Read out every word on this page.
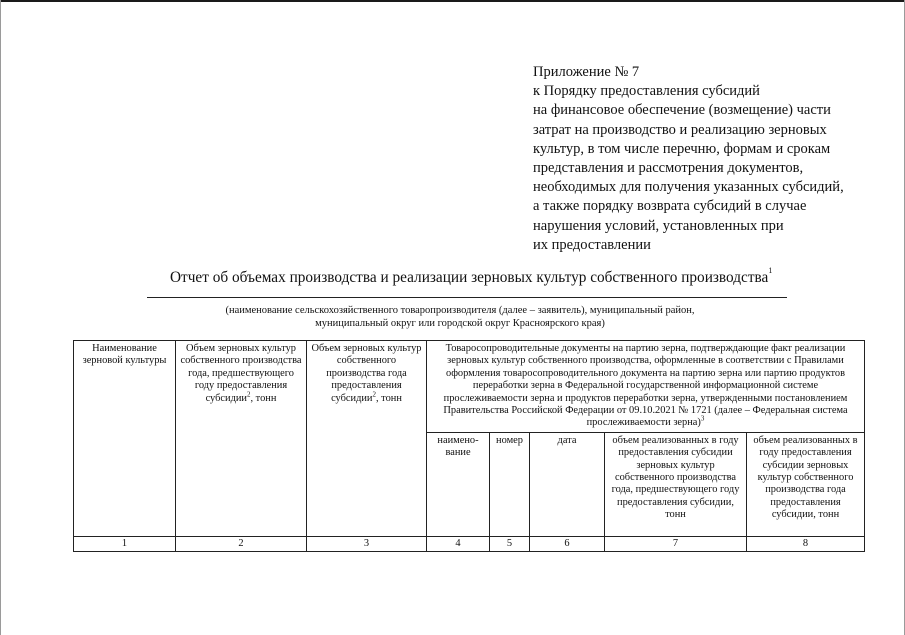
Приложение № 7
к Порядку предоставления субсидий
на финансовое обеспечение (возмещение) части
затрат на производство и реализацию зерновых
культур, в том числе перечню, формам и срокам
представления и рассмотрения документов,
необходимых для получения указанных субсидий,
а также порядку возврата субсидий в случае
нарушения условий, установленных при
их предоставлении
Отчет об объемах производства и реализации зерновых культур собственного производства$^1$
(наименование сельскохозяйственного товаропроизводителя (далее – заявитель), муниципальный район,
муниципальный округ или городской округ Красноярского края)
Наименование зерновой культуры	Объем зерновых культур собственного производства года, предшествующего году предоставления субсидии$^2$, тонн	Объем зерновых культур собственного производства года предоставления субсидии$^2$, тонн	Товаросопроводительные документы на партию зерна, подтверждающие факт реализации зерновых культур собственного производства, оформленные в соответствии с Правилами оформления товаросопроводительного документа на партию зерна или партию продуктов переработки зерна в Федеральной государственной информационной системе прослеживаемости зерна и продуктов переработки зерна, утвержденными постановлением Правительства Российской Федерации от 09.10.2021 № 1721 (далее – Федеральная система прослеживаемости зерна)$^3$
			наимено-вание	номер	дата	объем реализованных в году предоставления субсидии зерновых культур собственного производства года, предшествующего году предоставления субсидии, тонн	объем реализованных в году предоставления субсидии зерновых культур собственного производства года предоставления субсидии, тонн
1	2	3	4	5	6	7	8
